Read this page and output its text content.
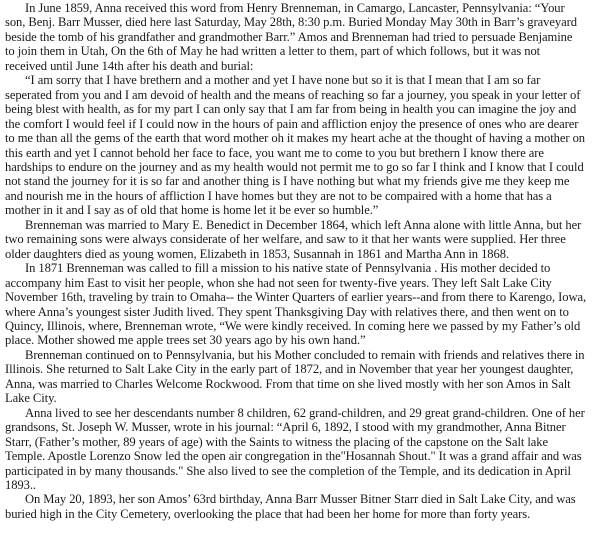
In June 1859, Anna received this word from Henry Brenneman, in Camargo, Lancaster, Pennsylvania: “Your
son, Benj. Barr Musser, died here last Saturday, May 28th, 8:30 p.m. Buried Monday May 30th in Barr’s graveyard
beside the tomb of his grandfather and grandmother Barr.” Amos and Brenneman had tried to persuade Benjamine
to join them in Utah, On the 6th of May he had written a letter to them, part of which follows, but it was not
received until June 14th after his death and burial:

“I am sorry that I have brethern and a mother and yet I have none but so it is that I mean that I am so far
seperated from you and I am devoid of health and the means of reaching so far a journey, you speak in your letter of
being blest with health, as for my part I can only say that I am far from being in health you can imagine the joy and
the comfort I would feel if I could now in the hours of pain and affliction enjoy the presence of ones who are dearer
to me than all the gems of the earth that word mother oh it makes my heart ache at the thought of having a mother on
this earth and yet I cannot behold her face to face, you want me to come to you but brethern I know there are
hardships to endure on the journey and as my health would not permit me to go so far I think and I know that I could
not stand the journey for it is so far and another thing is I have nothing but what my friends give me they keep me
and nourish me in the hours of affliction I have homes but they are not to be compaired with a home that has a
mother in it and I say as of old that home is home let it be ever so humble.”

Brenneman was married to Mary E. Benedict in December 1864, which left Anna alone with little Anna, but her
two remaining sons were always considerate of her welfare, and saw to it that her wants were supplied. Her three
older daughters died as young women, Elizabeth in 1853, Susannah in 1861 and Martha Ann in 1868.

In 1871 Brenneman was called to fill a mission to his native state of Pennsylvania . His mother decided to
accompany him East to visit her people, whon she had not seen for twenty-five years. They left Salt Lake City
November 16th, traveling by train to Omaha-- the Winter Quarters of earlier years--and from there to Karengo, Iowa,
where Anna’s youngest sister Judith lived. They spent Thanksgiving Day with relatives there, and then went on to
Quincy, Illinois, where, Brenneman wrote, “We were kindly received. In coming here we passed by my Father’s old
place. Mother showed me apple trees set 30 years ago by his own hand.”

Brenneman continued on to Pennsylvania, but his Mother concluded to remain with friends and relatives there in
Illinois. She returned to Salt Lake City in the early part of 1872, and in November that year her youngest daughter,
Anna, was married to Charles Welcome Rockwood. From that time on she lived mostly with her son Amos in Salt
Lake City.

Anna lived to see her descendants number 8 children, 62 grand-children, and 29 great grand-children. One of her
grandsons, St. Joseph W. Musser, wrote in his journal: “April 6, 1892, I stood with my grandmother, Anna Bitner
Starr, (Father’s mother, 89 years of age) with the Saints to witness the placing of the capstone on the Salt lake
Temple. Apostle Lorenzo Snow led the open air congregation in the"Hosannah Shout." It was a grand affair and was
participated in by many thousands." She also lived to see the completion of the Temple, and its dedication in April
1893..

On May 20, 1893, her son Amos’ 63rd birthday, Anna Barr Musser Bitner Starr died in Salt Lake City, and was
buried high in the City Cemetery, overlooking the place that had been her home for more than forty years.
